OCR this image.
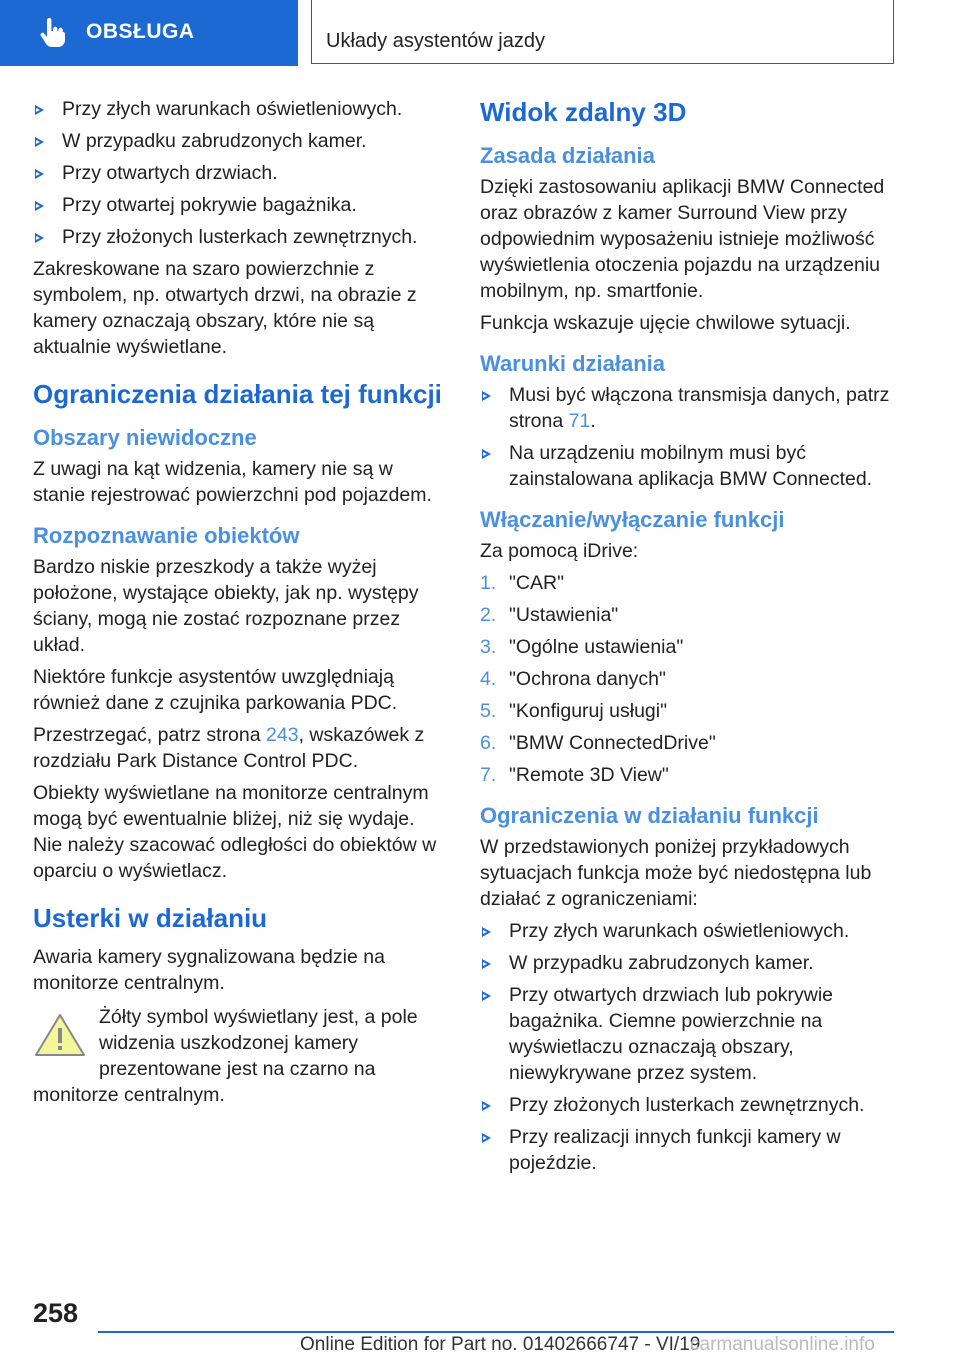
OBSŁUGA	Układy asystentów jazdy
Przy złych warunkach oświetleniowych.
W przypadku zabrudzonych kamer.
Przy otwartych drzwiach.
Przy otwartej pokrywie bagażnika.
Przy złożonych lusterkach zewnętrznych.

Zakreskowane na szaro powierzchnie z symbolem, np. otwartych drzwi, na obrazie z kamery oznaczają obszary, które nie są aktualnie wyświetlane.

Ograniczenia działania tej funkcji
Obszary niewidoczne

Z uwagi na kąt widzenia, kamery nie są w stanie rejestrować powierzchni pod pojazdem.

Rozpoznawanie obiektów

Bardzo niskie przeszkody a także wyżej położone, wystające obiekty, jak np. występy ściany, mogą nie zostać rozpoznane przez układ.

Niektóre funkcje asystentów uwzględniają również dane z czujnika parkowania PDC.

Przestrzegać, patrz strona 243, wskazówek z rozdziału Park Distance Control PDC.

Obiekty wyświetlane na monitorze centralnym mogą być ewentualnie bliżej, niż się wydaje. Nie należy szacować odległości do obiektów w oparciu o wyświetlacz.

Usterki w działaniu

Awaria kamery sygnalizowana będzie na monitorze centralnym.

Żółty symbol wyświetlany jest, a pole widzenia uszkodzonej kamery prezentowane jest na czarno na monitorze centralnym.
Widok zdalny 3D
Zasada działania

Dzięki zastosowaniu aplikacji BMW Connected oraz obrazów z kamer Surround View przy odpowiednim wyposażeniu istnieje możliwość wyświetlenia otoczenia pojazdu na urządzeniu mobilnym, np. smartfonie.

Funkcja wskazuje ujęcie chwilowe sytuacji.

Warunki działania
Musi być włączona transmisja danych, patrz strona 71.
Na urządzeniu mobilnym musi być zainstalowana aplikacja BMW Connected.
Włączanie/wyłączanie funkcji

Za pomocą iDrive:

1. "CAR"
2. "Ustawienia"
3. "Ogólne ustawienia"
4. "Ochrona danych"
5. "Konfiguruj usługi"
6. "BMW ConnectedDrive"
7. "Remote 3D View"
Ograniczenia w działaniu funkcji

W przedstawionych poniżej przykładowych sytuacjach funkcja może być niedostępna lub działać z ograniczeniami:

Przy złych warunkach oświetleniowych.
W przypadku zabrudzonych kamer.
Przy otwartych drzwiach lub pokrywie bagażnika. Ciemne powierzchnie na wyświetlaczu oznaczają obszary, niewykrywane przez system.
Przy złożonych lusterkach zewnętrznych.
Przy realizacji innych funkcji kamery w pojeździe.
258
Online Edition for Part no. 01402666747 - VI/19
carmanualsonline.info
